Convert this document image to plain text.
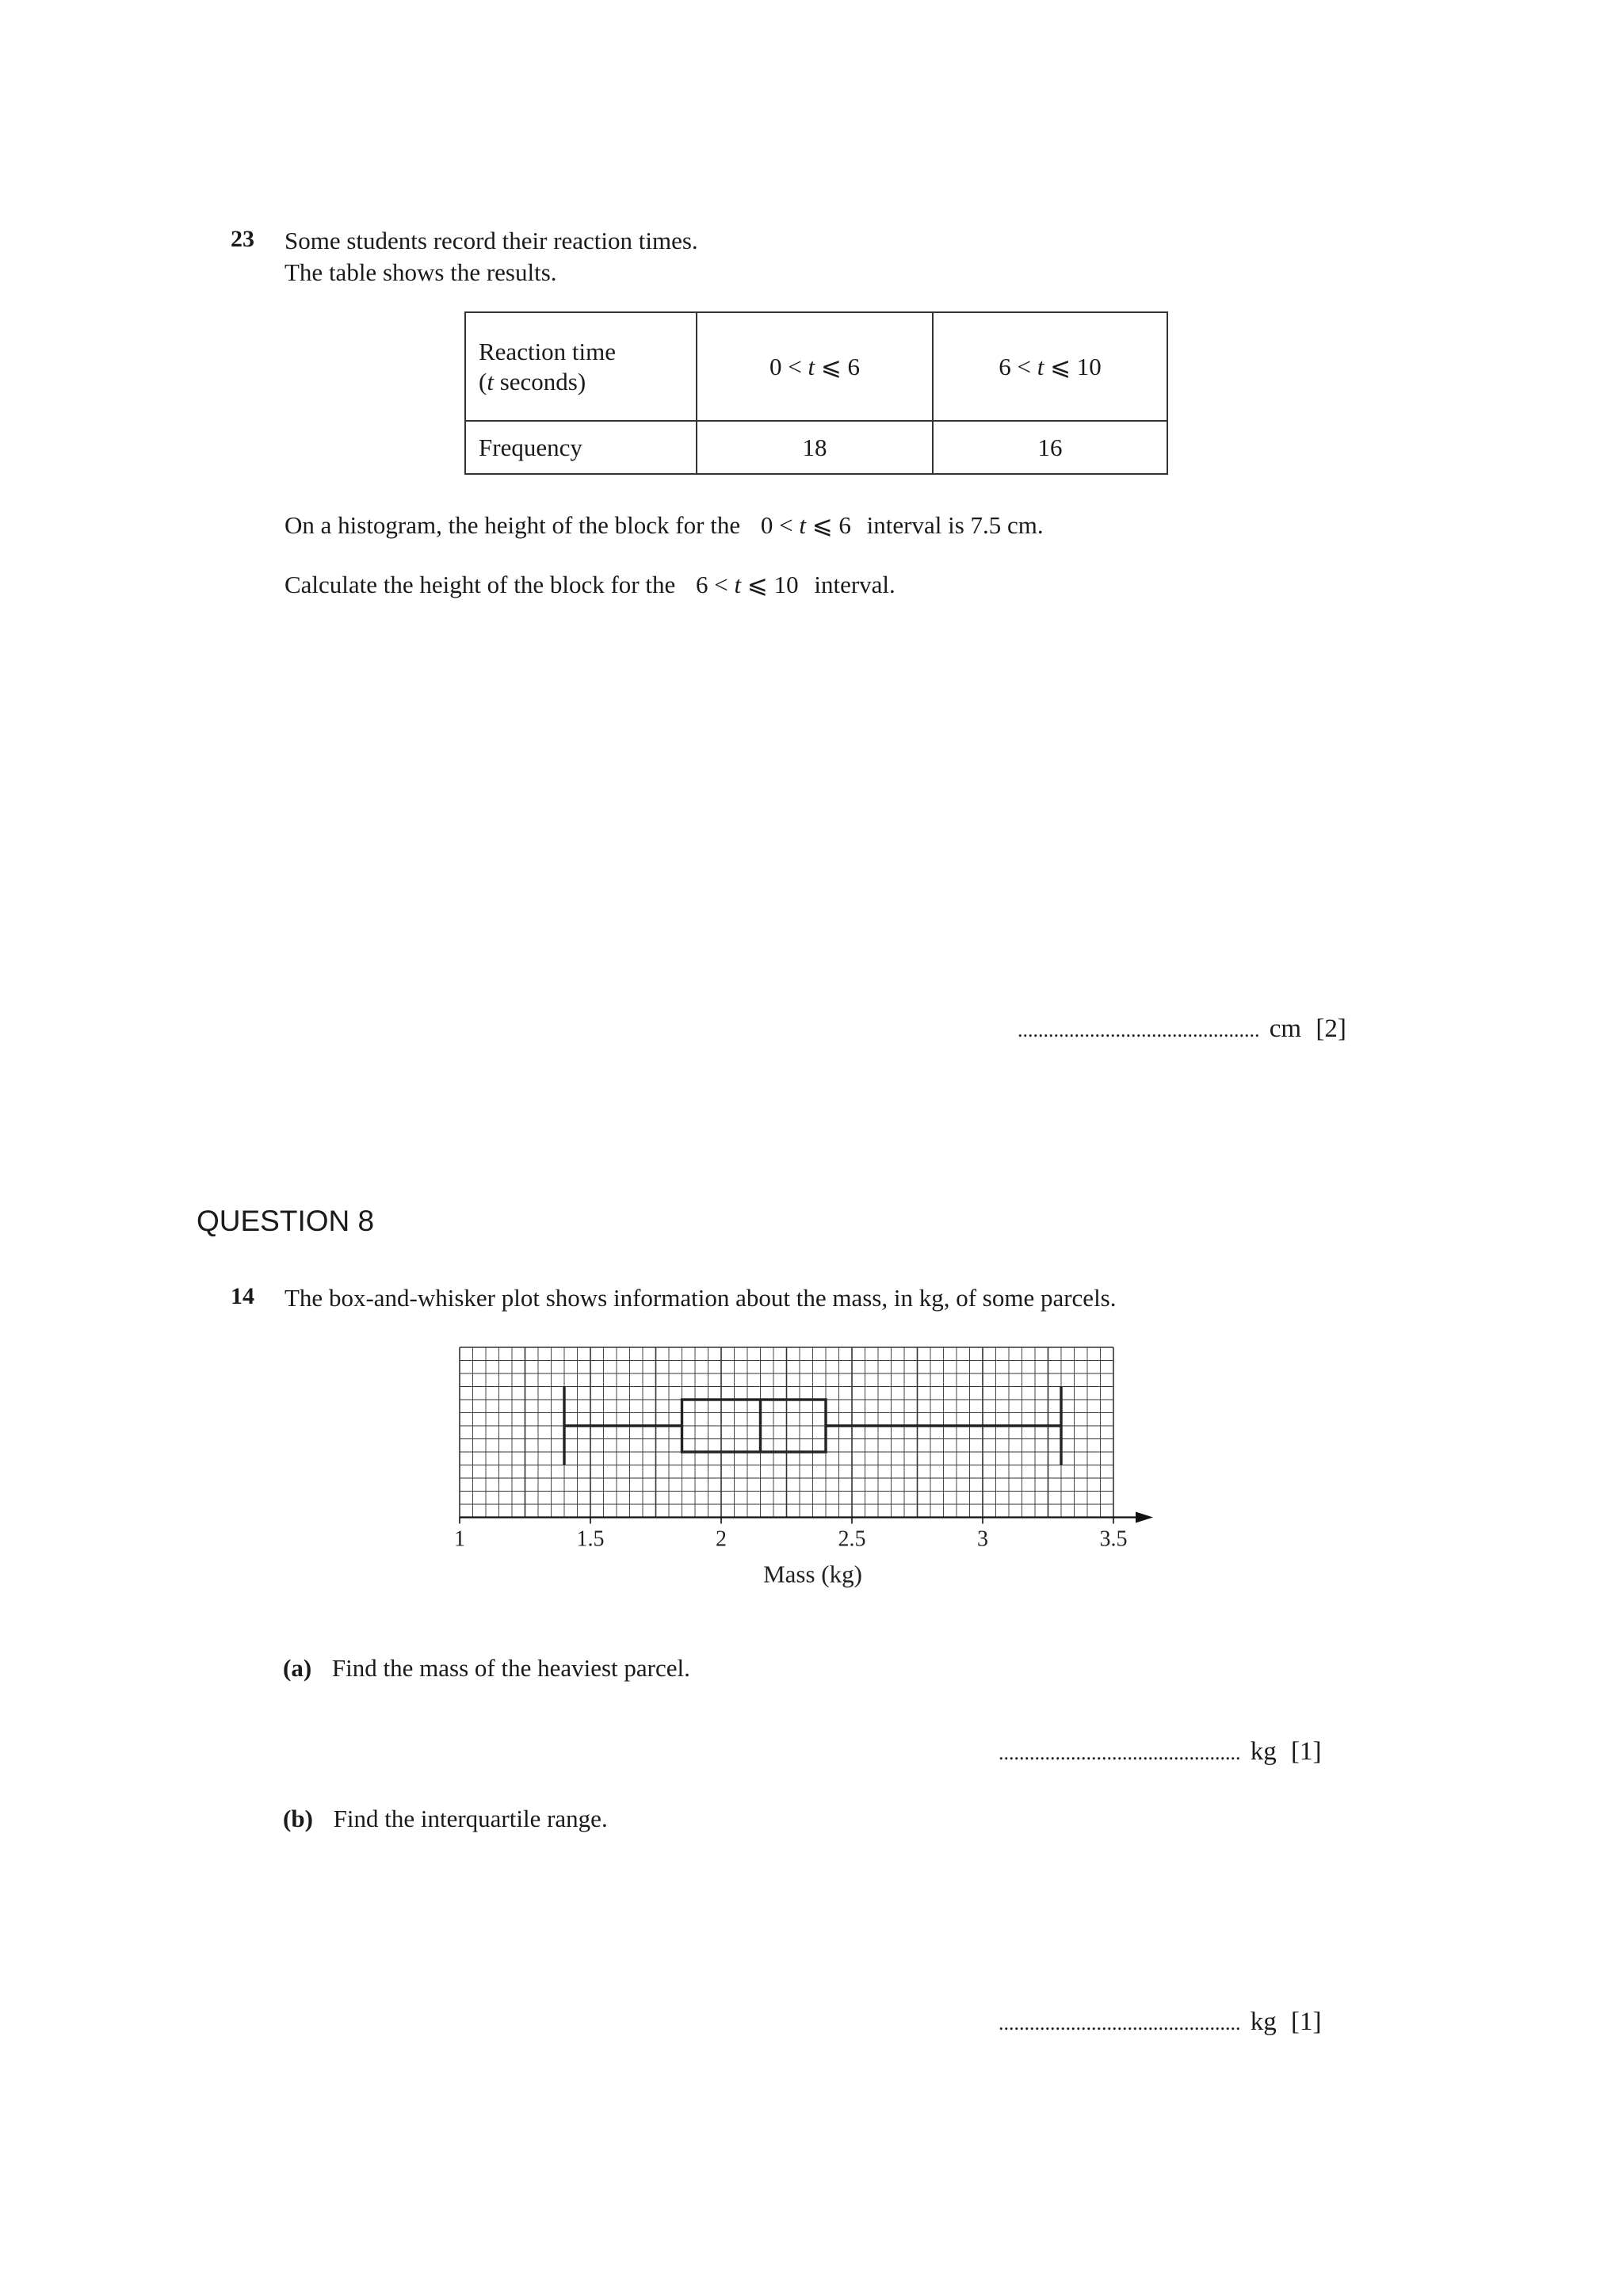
23 Some students record their reaction times.
The table shows the results.
Reaction time
(t seconds)	0 < t ⩽ 6	6 < t ⩽ 10
Frequency	18	16
On a histogram, the height of the block for the 0 < t ⩽ 6 interval is 7.5 cm.
Calculate the height of the block for the 6 < t ⩽ 10 interval.
............................................... cm [2]
QUESTION 8
14 The box-and-whisker plot shows information about the mass, in kg, of some parcels.
1	1.5	2	2.5	3	3.5
Mass (kg)
(a) Find the mass of the heaviest parcel.
............................................... kg [1]
(b) Find the interquartile range.
............................................... kg [1]
